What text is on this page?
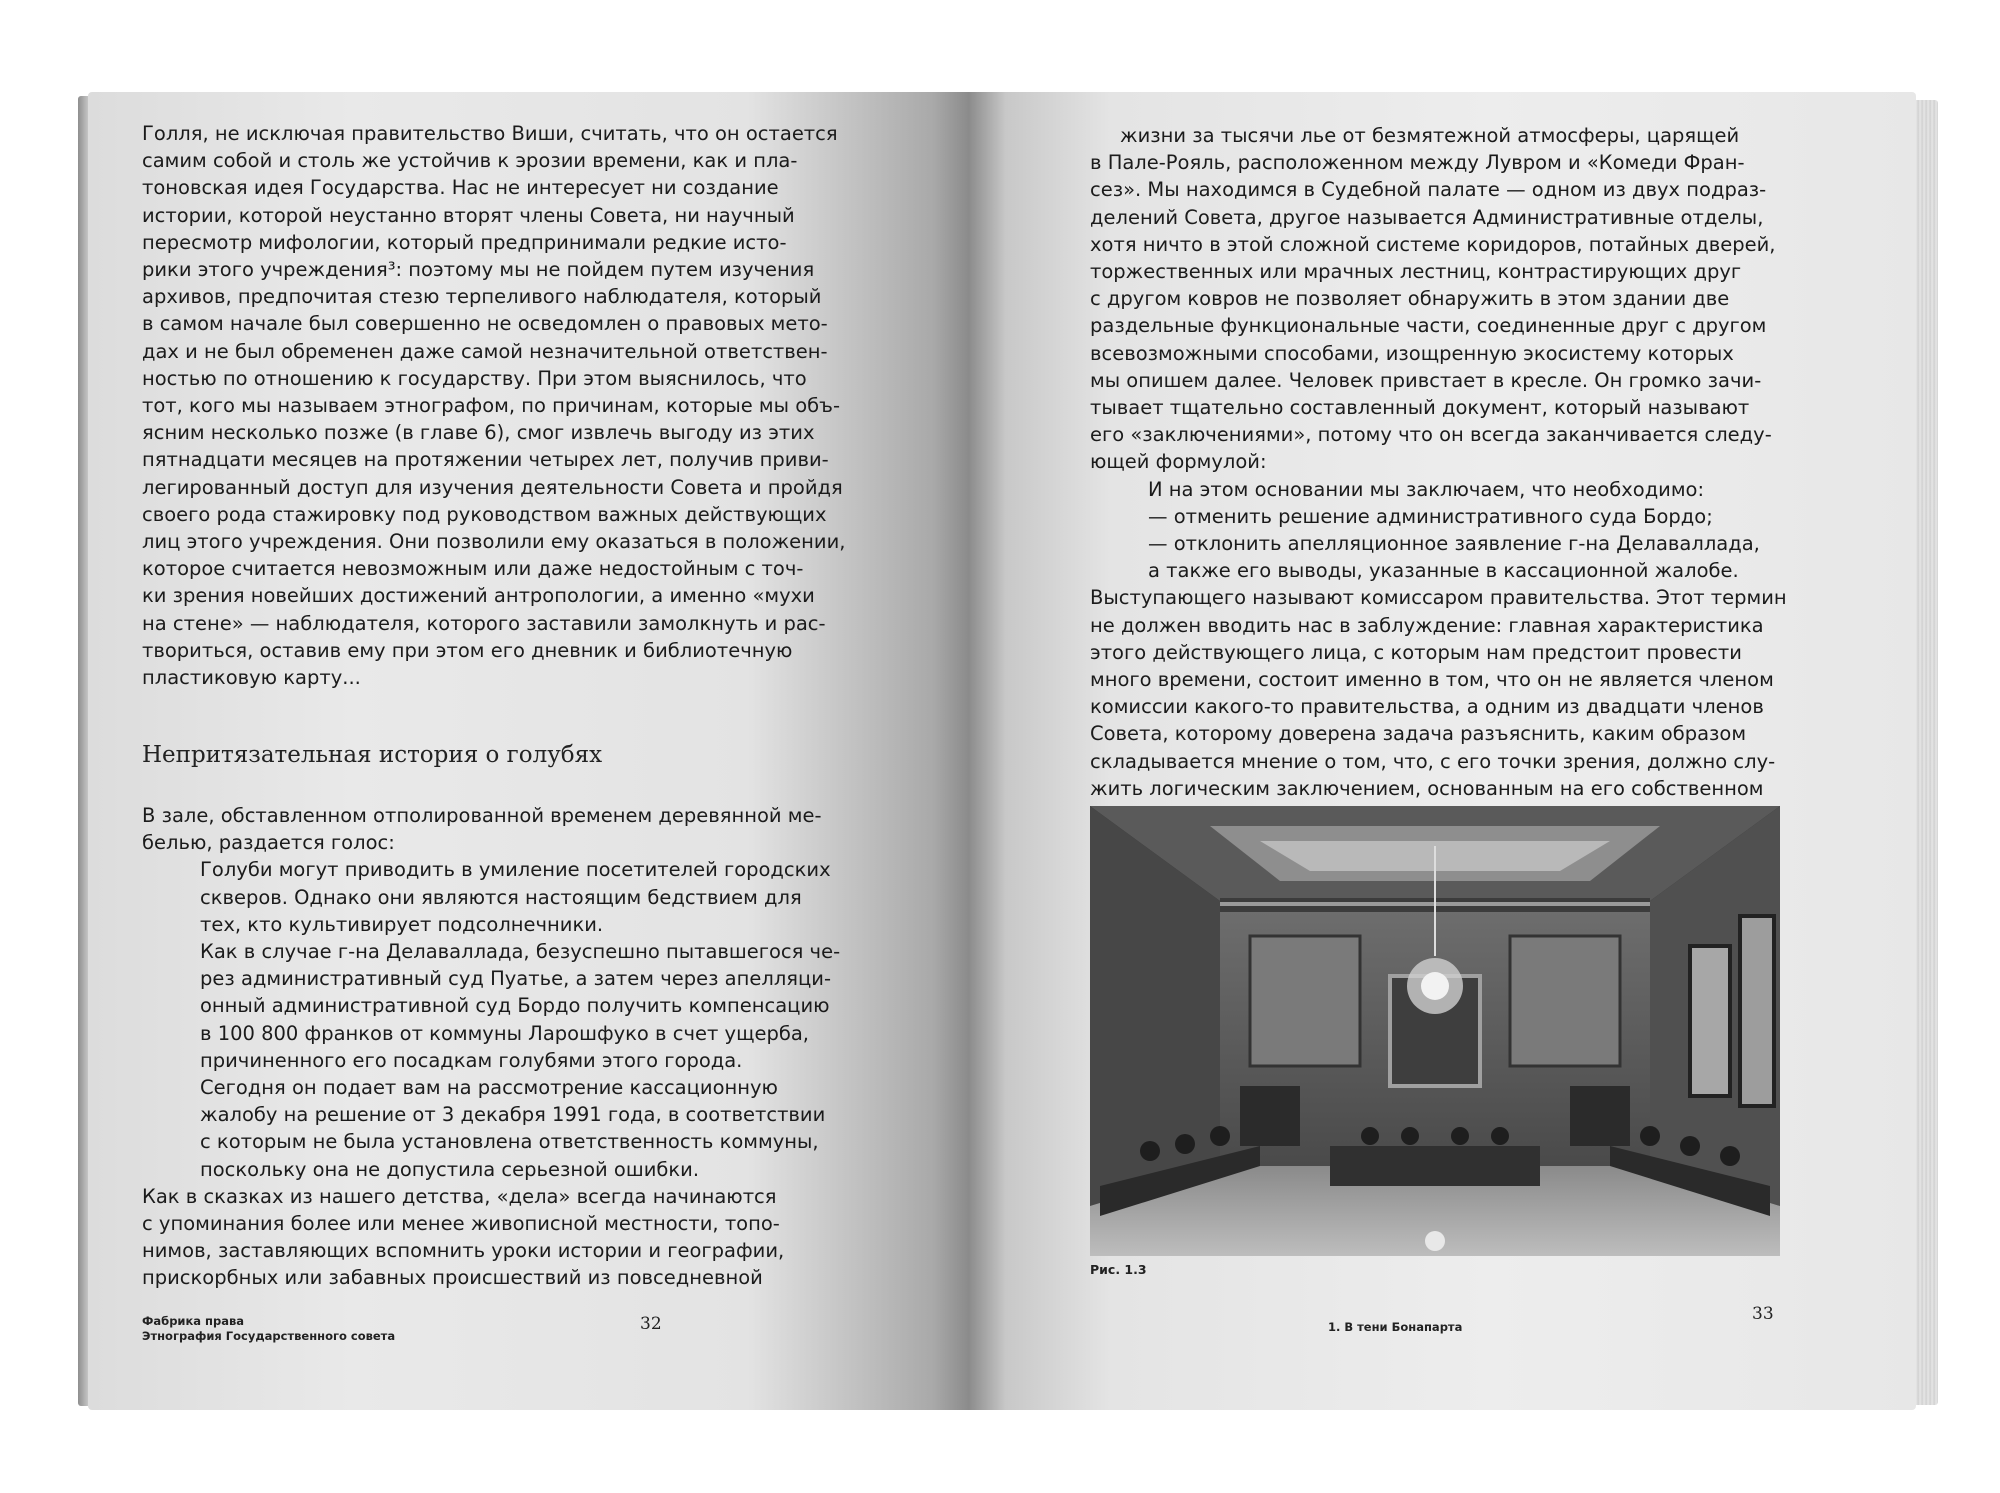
Голля, не исключая правительство Виши, считать, что он остается
самим собой и столь же устойчив к эрозии времени, как и пла-
тоновская идея Государства. Нас не интересует ни создание
истории, которой неустанно вторят члены Совета, ни научный
пересмотр мифологии, который предпринимали редкие исто-
рики этого учреждения³: поэтому мы не пойдем путем изучения
архивов, предпочитая стезю терпеливого наблюдателя, который
в самом начале был совершенно не осведомлен о правовых мето-
дах и не был обременен даже самой незначительной ответствен-
ностью по отношению к государству. При этом выяснилось, что
тот, кого мы называем этнографом, по причинам, которые мы объ-
ясним несколько позже (в главе 6), смог извлечь выгоду из этих
пятнадцати месяцев на протяжении четырех лет, получив приви-
легированный доступ для изучения деятельности Совета и пройдя
своего рода стажировку под руководством важных действующих
лиц этого учреждения. Они позволили ему оказаться в положении,
которое считается невозможным или даже недостойным с точ-
ки зрения новейших достижений антропологии, а именно «мухи
на стене» — наблюдателя, которого заставили замолкнуть и рас-
твориться, оставив ему при этом его дневник и библиотечную
пластиковую карту...
Непритязательная история о голубях
В зале, обставленном отполированной временем деревянной ме-
белью, раздается голос:
Голуби могут приводить в умиление посетителей городских
скверов. Однако они являются настоящим бедствием для
тех, кто культивирует подсолнечники.
Как в случае г-на Делаваллада, безуспешно пытавшегося че-
рез административный суд Пуатье, а затем через апелляци-
онный административной суд Бордо получить компенсацию
в 100 800 франков от коммуны Ларошфуко в счет ущерба,
причиненного его посадкам голубями этого города.
Сегодня он подает вам на рассмотрение кассационную
жалобу на решение от 3 декабря 1991 года, в соответствии
с которым не была установлена ответственность коммуны,
поскольку она не допустила серьезной ошибки.
Как в сказках из нашего детства, «дела» всегда начинаются
с упоминания более или менее живописной местности, топо-
нимов, заставляющих вспомнить уроки истории и географии,
прискорбных или забавных происшествий из повседневной
Фабрика права
Этнография Государственного совета
32
жизни за тысячи лье от безмятежной атмосферы, царящей
в Пале-Рояль, расположенном между Лувром и «Комеди Фран-
сез». Мы находимся в Судебной палате — одном из двух подраз-
делений Совета, другое называется Административные отделы,
хотя ничто в этой сложной системе коридоров, потайных дверей,
торжественных или мрачных лестниц, контрастирующих друг
с другом ковров не позволяет обнаружить в этом здании две
раздельные функциональные части, соединенные друг с другом
всевозможными способами, изощренную экосистему которых
мы опишем далее. Человек привстает в кресле. Он громко зачи-
тывает тщательно составленный документ, который называют
его «заключениями», потому что он всегда заканчивается следу-
ющей формулой:
И на этом основании мы заключаем, что необходимо:
— отменить решение административного суда Бордо;
— отклонить апелляционное заявление г-на Делаваллада,
а также его выводы, указанные в кассационной жалобе.
Выступающего называют комиссаром правительства. Этот термин
не должен вводить нас в заблуждение: главная характеристика
этого действующего лица, с которым нам предстоит провести
много времени, состоит именно в том, что он не является членом
комиссии какого-то правительства, а одним из двадцати членов
Совета, которому доверена задача разъяснить, каким образом
складывается мнение о том, что, с его точки зрения, должно слу-
жить логическим заключением, основанным на его собственном
Рис. 1.3
1. В тени Бонапарта
33
